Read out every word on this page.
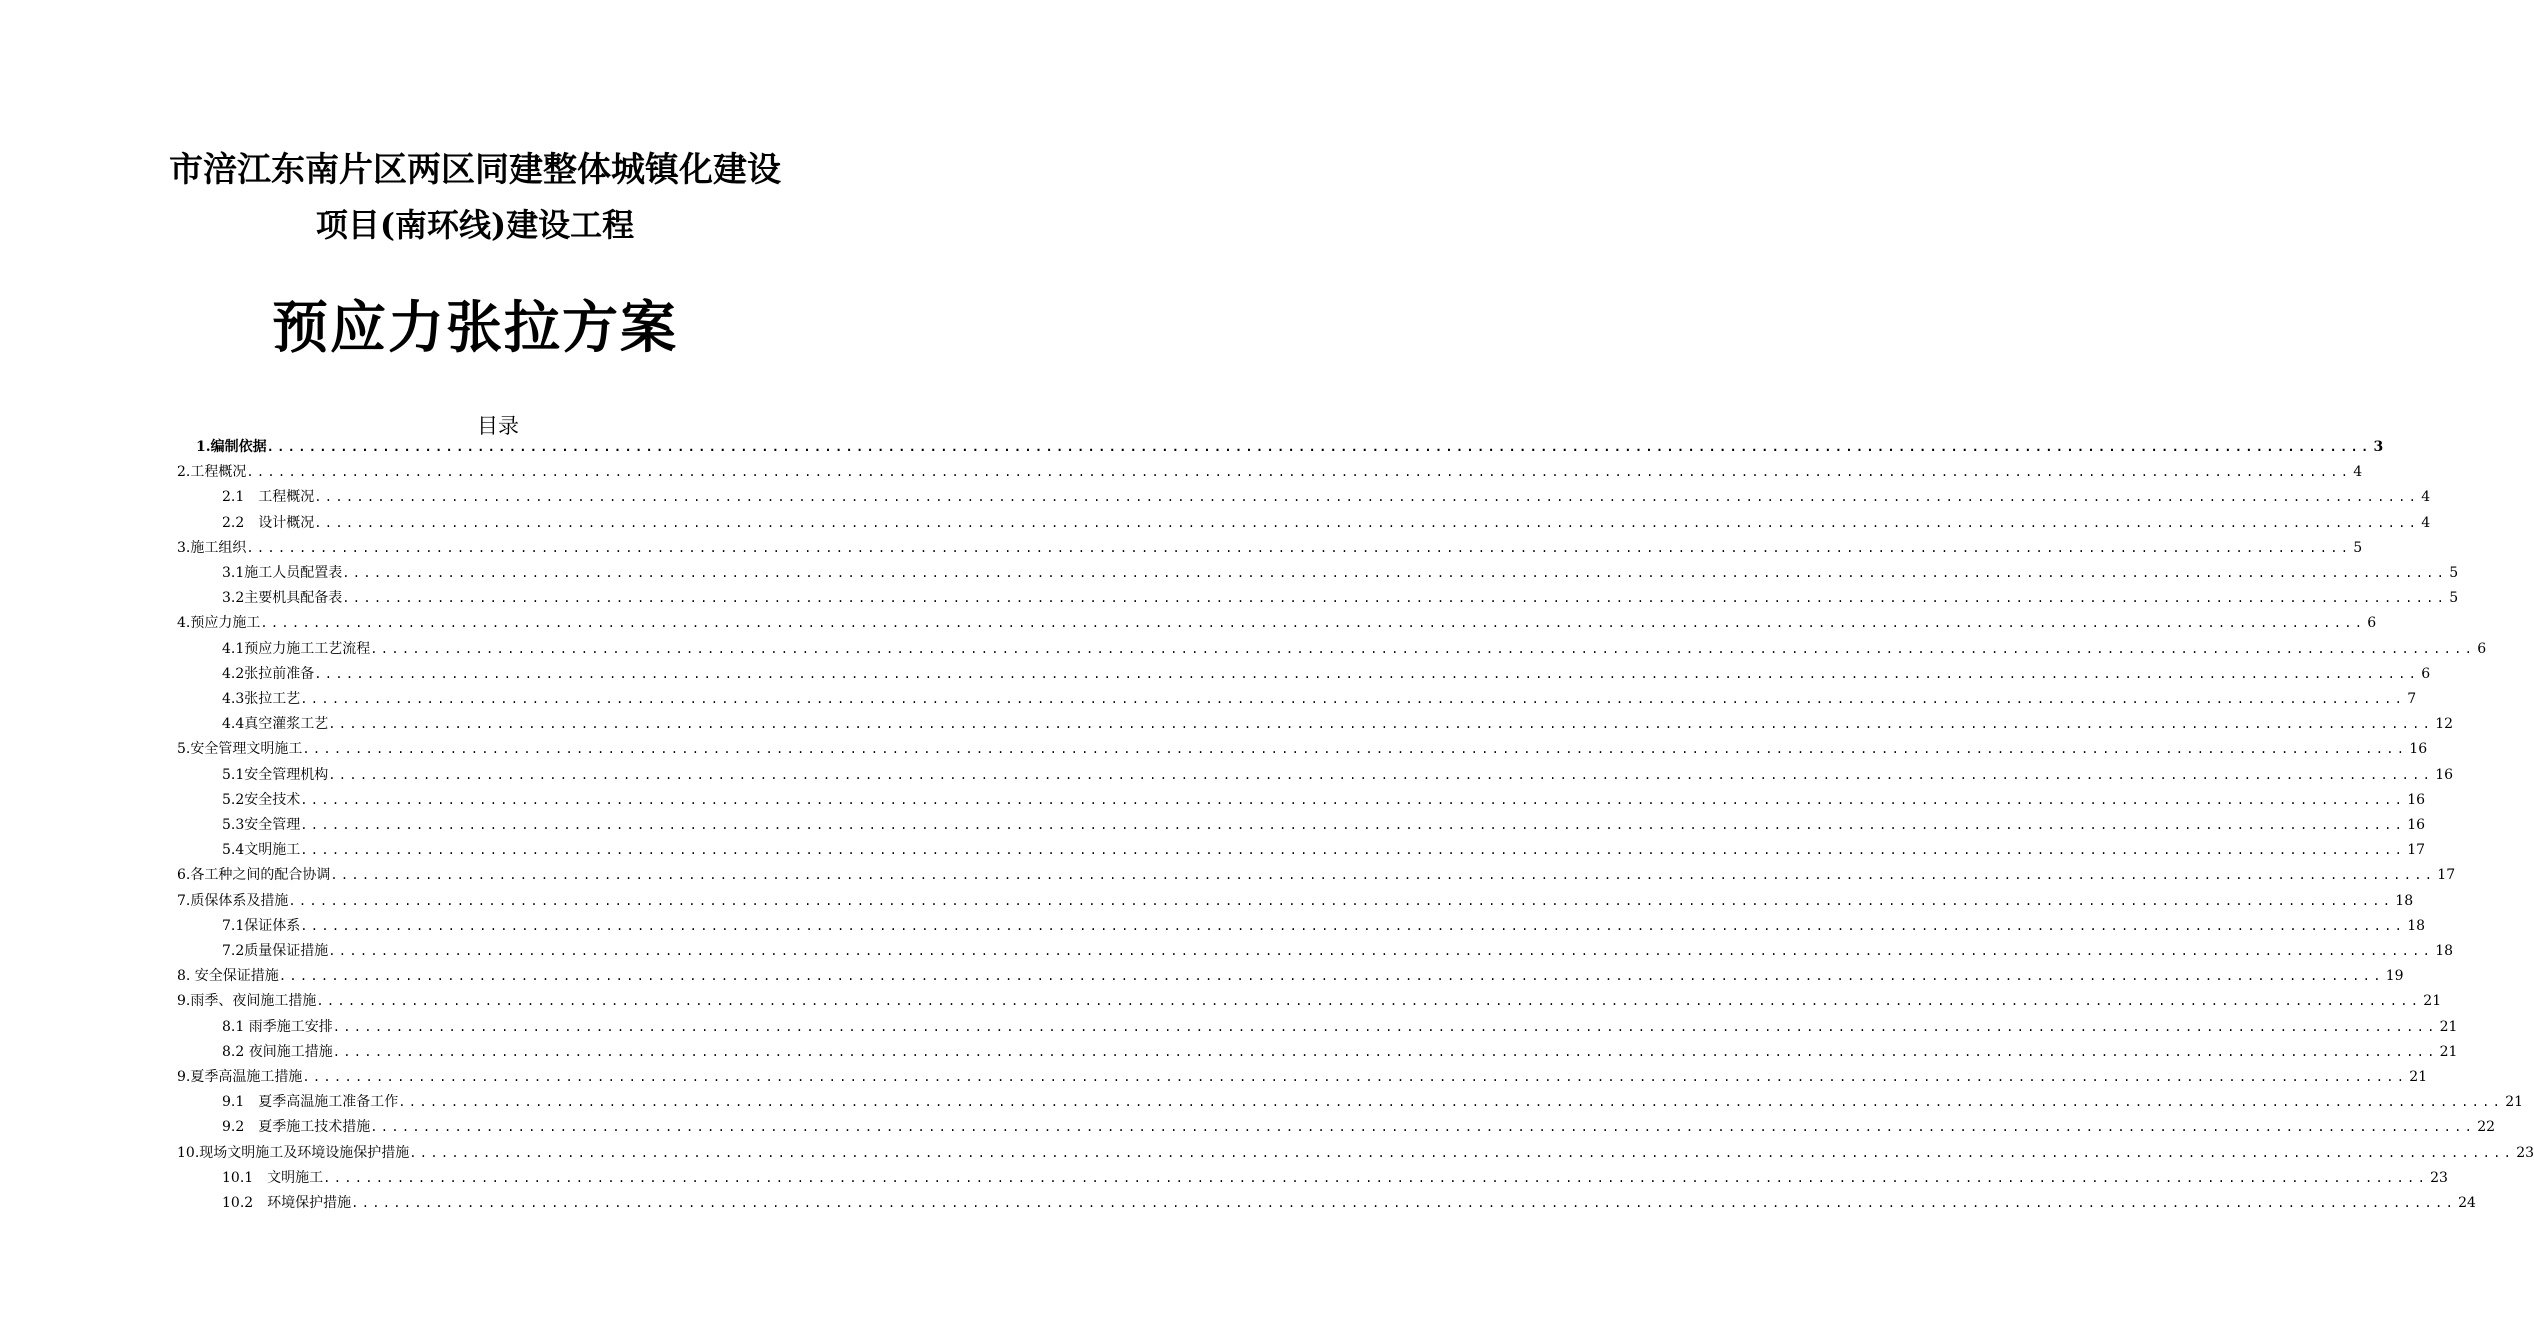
市涪江东南片区两区同建整体城镇化建设
项目(南环线)建设工程
预应力张拉方案
目录
1.编制依据 ........................................................................................................................................................................................................ 3
2.工程概况 ........................................................................................................................................................................................................ 4
2.1　工程概况 ........................................................................................................................................................................................................ 4
2.2　设计概况 ........................................................................................................................................................................................................ 4
3.施工组织 ........................................................................................................................................................................................................ 5
3.1施工人员配置表 ........................................................................................................................................................................................................ 5
3.2主要机具配备表 ........................................................................................................................................................................................................ 5
4.预应力施工 ........................................................................................................................................................................................................ 6
4.1预应力施工工艺流程 ........................................................................................................................................................................................................ 6
4.2张拉前准备 ........................................................................................................................................................................................................ 6
4.3张拉工艺 ........................................................................................................................................................................................................ 7
4.4真空灌浆工艺 ........................................................................................................................................................................................................ 12
5.安全管理文明施工 ........................................................................................................................................................................................................ 16
5.1安全管理机构 ........................................................................................................................................................................................................ 16
5.2安全技术 ........................................................................................................................................................................................................ 16
5.3安全管理 ........................................................................................................................................................................................................ 16
5.4文明施工 ........................................................................................................................................................................................................ 17
6.各工种之间的配合协调 ........................................................................................................................................................................................................ 17
7.质保体系及措施 ........................................................................................................................................................................................................ 18
7.1保证体系 ........................................................................................................................................................................................................ 18
7.2质量保证措施 ........................................................................................................................................................................................................ 18
8. 安全保证措施 ........................................................................................................................................................................................................ 19
9.雨季、夜间施工措施 ........................................................................................................................................................................................................ 21
8.1 雨季施工安排 ........................................................................................................................................................................................................ 21
8.2 夜间施工措施 ........................................................................................................................................................................................................ 21
9.夏季高温施工措施 ........................................................................................................................................................................................................ 21
9.1　夏季高温施工准备工作 ........................................................................................................................................................................................................ 21
9.2　夏季施工技术措施 ........................................................................................................................................................................................................ 22
10.现场文明施工及环境设施保护措施 ........................................................................................................................................................................................................ 23
10.1　文明施工 ........................................................................................................................................................................................................ 23
10.2　环境保护措施 ........................................................................................................................................................................................................ 24
